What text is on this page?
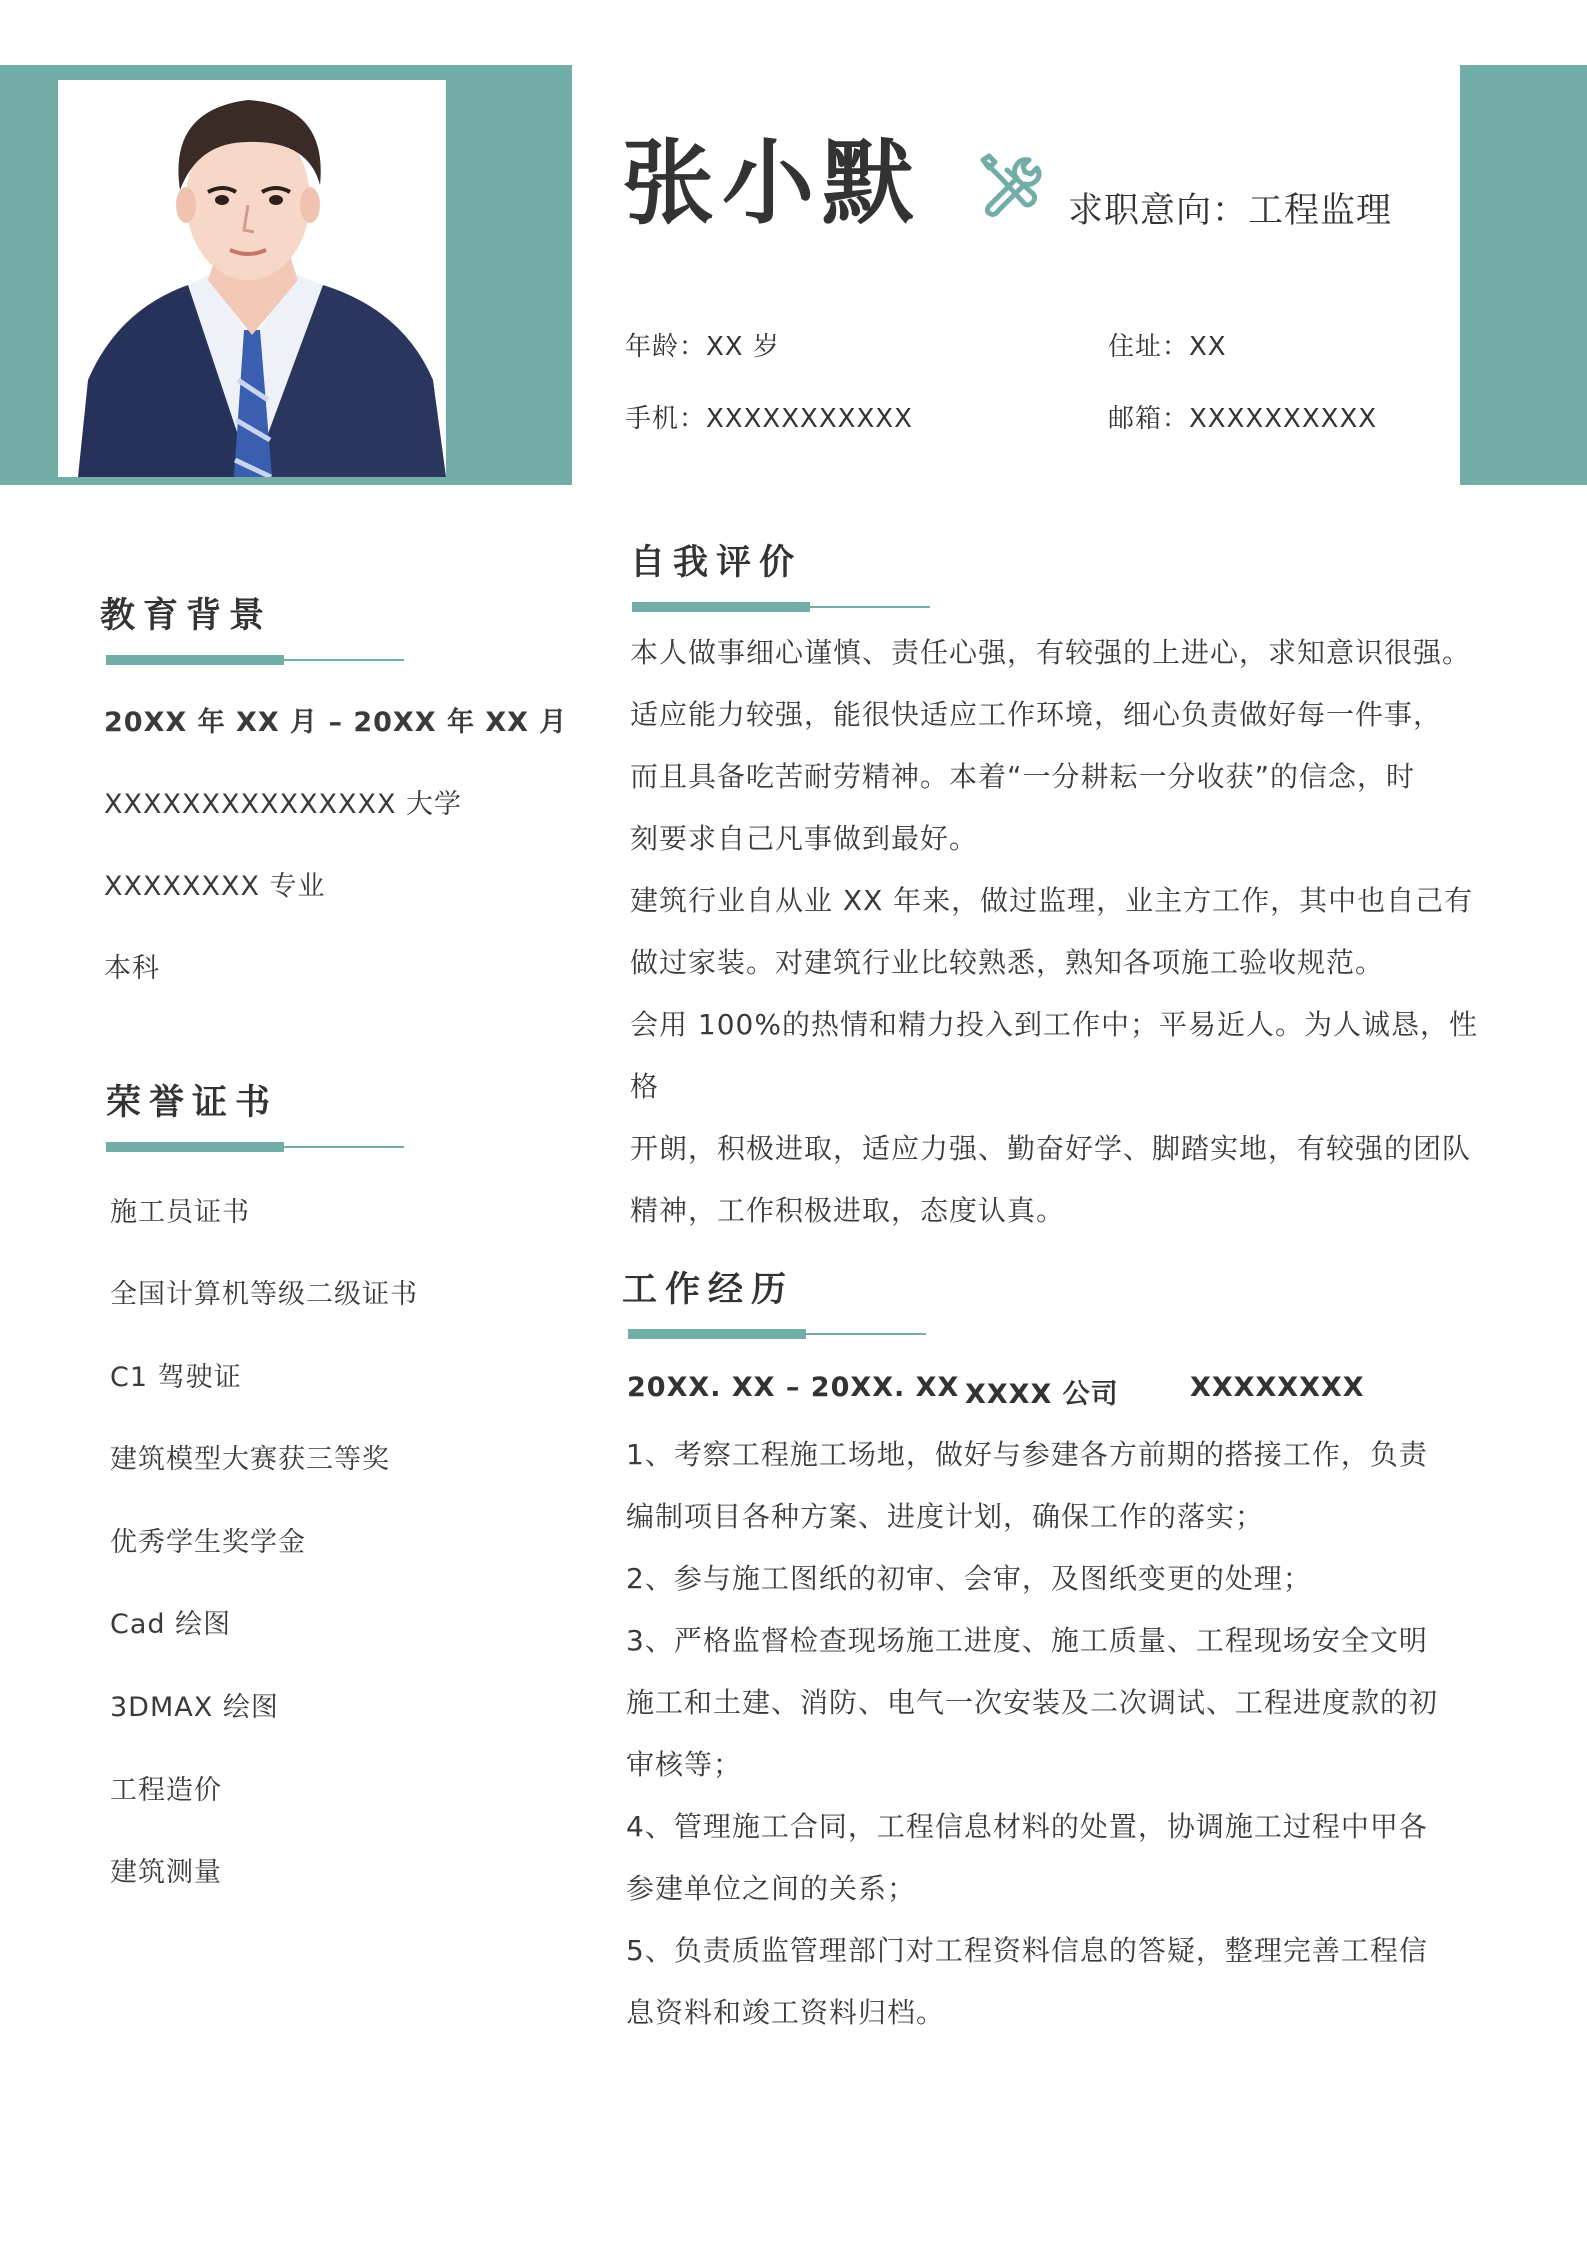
张小默	求职意向：工程监理
年龄：XX 岁	住址：XX
手机：XXXXXXXXXXX	邮箱：XXXXXXXXXX
教育背景
20XX 年 XX 月 – 20XX 年 XX 月
XXXXXXXXXXXXXXX 大学
XXXXXXXX 专业
本科
荣誉证书
施工员证书
全国计算机等级二级证书
C1 驾驶证
建筑模型大赛获三等奖
优秀学生奖学金
Cad 绘图
3DMAX 绘图
工程造价
建筑测量
自我评价

本人做事细心谨慎、责任心强，有较强的上进心，求知意识很强。

适应能力较强，能很快适应工作环境，细心负责做好每一件事，

而且具备吃苦耐劳精神。本着“一分耕耘一分收获”的信念，时

刻要求自己凡事做到最好。

建筑行业自从业 XX 年来，做过监理，业主方工作，其中也自己有

做过家装。对建筑行业比较熟悉，熟知各项施工验收规范。

会用 100%的热情和精力投入到工作中；平易近人。为人诚恳，性格

开朗，积极进取，适应力强、勤奋好学、脚踏实地，有较强的团队

精神，工作积极进取，态度认真。

工作经历
20XX. XX – 20XX. XX XXXX 公司	XXXXXXXX

1、考察工程施工场地，做好与参建各方前期的搭接工作，负责

编制项目各种方案、进度计划，确保工作的落实；

2、参与施工图纸的初审、会审，及图纸变更的处理；

3、严格监督检查现场施工进度、施工质量、工程现场安全文明

施工和土建、消防、电气一次安装及二次调试、工程进度款的初

审核等；

4、管理施工合同，工程信息材料的处置，协调施工过程中甲各

参建单位之间的关系；

5、负责质监管理部门对工程资料信息的答疑，整理完善工程信

息资料和竣工资料归档。
